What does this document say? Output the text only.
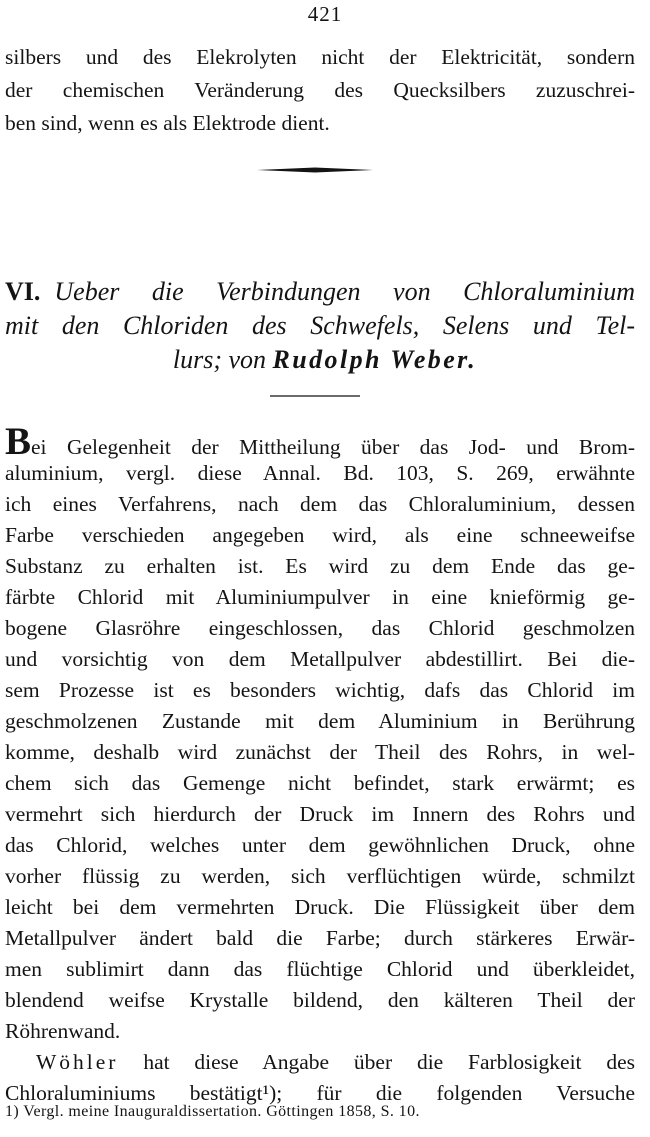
421
silbers und des Elekrolyten nicht der Elektricität, sondern
der chemischen Veränderung des Quecksilbers zuzuschrei-
ben sind, wenn es als Elektrode dient.
VI. Ueber die Verbindungen von Chloraluminium
mit den Chloriden des Schwefels, Selens und Tel-
lurs; von Rudolph Weber.
Bei Gelegenheit der Mittheilung über das Jod- und Brom-
aluminium, vergl. diese Annal. Bd. 103, S. 269, erwähnte
ich eines Verfahrens, nach dem das Chloraluminium, dessen
Farbe verschieden angegeben wird, als eine schneeweifse
Substanz zu erhalten ist. Es wird zu dem Ende das ge-
färbte Chlorid mit Aluminiumpulver in eine knieförmig ge-
bogene Glasröhre eingeschlossen, das Chlorid geschmolzen
und vorsichtig von dem Metallpulver abdestillirt. Bei die-
sem Prozesse ist es besonders wichtig, dafs das Chlorid im
geschmolzenen Zustande mit dem Aluminium in Berührung
komme, deshalb wird zunächst der Theil des Rohrs, in wel-
chem sich das Gemenge nicht befindet, stark erwärmt; es
vermehrt sich hierdurch der Druck im Innern des Rohrs und
das Chlorid, welches unter dem gewöhnlichen Druck, ohne
vorher flüssig zu werden, sich verflüchtigen würde, schmilzt
leicht bei dem vermehrten Druck. Die Flüssigkeit über dem
Metallpulver ändert bald die Farbe; durch stärkeres Erwär-
men sublimirt dann das flüchtige Chlorid und überkleidet,
blendend weifse Krystalle bildend, den kälteren Theil der
Röhrenwand.
Wöhler hat diese Angabe über die Farblosigkeit des
Chloraluminiums bestätigt¹); für die folgenden Versuche
1) Vergl. meine Inauguraldissertation. Göttingen 1858, S. 10.
